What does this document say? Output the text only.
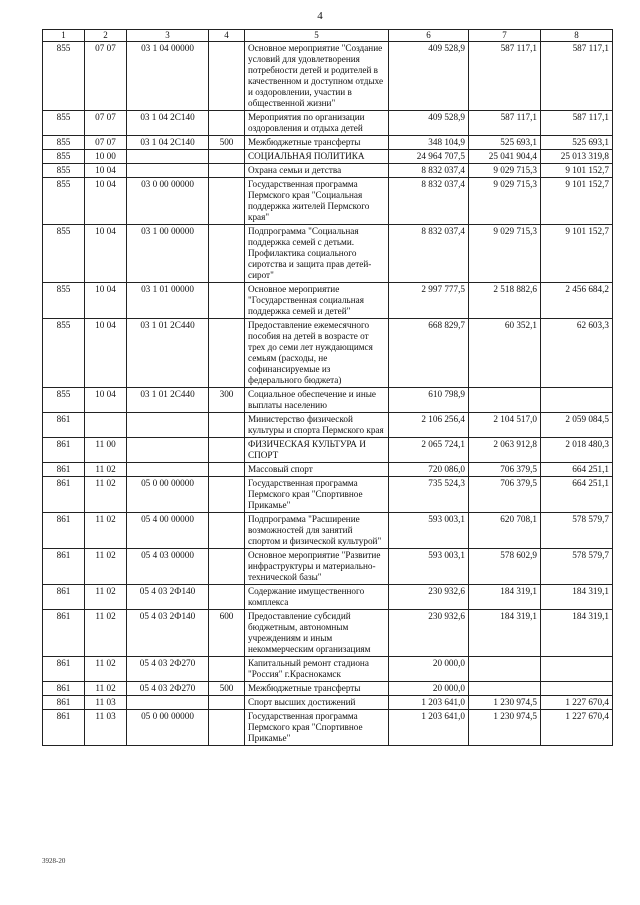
4
1	2	3	4	5	6	7	8
855	07 07	03 1 04 00000		Основное мероприятие "Создание условий для удовлетворения потребности детей и родителей в качественном и доступном отдыхе и оздоровлении, участии в общественной жизни"	409 528,9	587 117,1	587 117,1
855	07 07	03 1 04 2С140		Мероприятия по организации оздоровления и отдыха детей	409 528,9	587 117,1	587 117,1
855	07 07	03 1 04 2С140	500	Межбюджетные трансферты	348 104,9	525 693,1	525 693,1
855	10 00			СОЦИАЛЬНАЯ ПОЛИТИКА	24 964 707,5	25 041 904,4	25 013 319,8
855	10 04			Охрана семьи и детства	8 832 037,4	9 029 715,3	9 101 152,7
855	10 04	03 0 00 00000		Государственная программа Пермского края "Социальная поддержка жителей Пермского края"	8 832 037,4	9 029 715,3	9 101 152,7
855	10 04	03 1 00 00000		Подпрограмма "Социальная поддержка семей с детьми. Профилактика социального сиротства и защита прав детей-сирот"	8 832 037,4	9 029 715,3	9 101 152,7
855	10 04	03 1 01 00000		Основное мероприятие "Государственная социальная поддержка семей и детей"	2 997 777,5	2 518 882,6	2 456 684,2
855	10 04	03 1 01 2С440		Предоставление ежемесячного пособия на детей в возрасте от трех до семи лет нуждающимся семьям (расходы, не софинансируемые из федерального бюджета)	668 829,7	60 352,1	62 603,3
855	10 04	03 1 01 2С440	300	Социальное обеспечение и иные выплаты населению	610 798,9		
861				Министерство физической культуры и спорта Пермского края	2 106 256,4	2 104 517,0	2 059 084,5
861	11 00			ФИЗИЧЕСКАЯ КУЛЬТУРА И СПОРТ	2 065 724,1	2 063 912,8	2 018 480,3
861	11 02			Массовый спорт	720 086,0	706 379,5	664 251,1
861	11 02	05 0 00 00000		Государственная программа Пермского края "Спортивное Прикамье"	735 524,3	706 379,5	664 251,1
861	11 02	05 4 00 00000		Подпрограмма "Расширение возможностей для занятий спортом и физической культурой"	593 003,1	620 708,1	578 579,7
861	11 02	05 4 03 00000		Основное мероприятие "Развитие инфраструктуры и материально-технической базы"	593 003,1	578 602,9	578 579,7
861	11 02	05 4 03 2Ф140		Содержание имущественного комплекса	230 932,6	184 319,1	184 319,1
861	11 02	05 4 03 2Ф140	600	Предоставление субсидий бюджетным, автономным учреждениям и иным некоммерческим организациям	230 932,6	184 319,1	184 319,1
861	11 02	05 4 03 2Ф270		Капитальный ремонт стадиона "Россия" г.Краснокамск	20 000,0		
861	11 02	05 4 03 2Ф270	500	Межбюджетные трансферты	20 000,0		
861	11 03			Спорт высших достижений	1 203 641,0	1 230 974,5	1 227 670,4
861	11 03	05 0 00 00000		Государственная программа Пермского края "Спортивное Прикамье"	1 203 641,0	1 230 974,5	1 227 670,4
3928-20
